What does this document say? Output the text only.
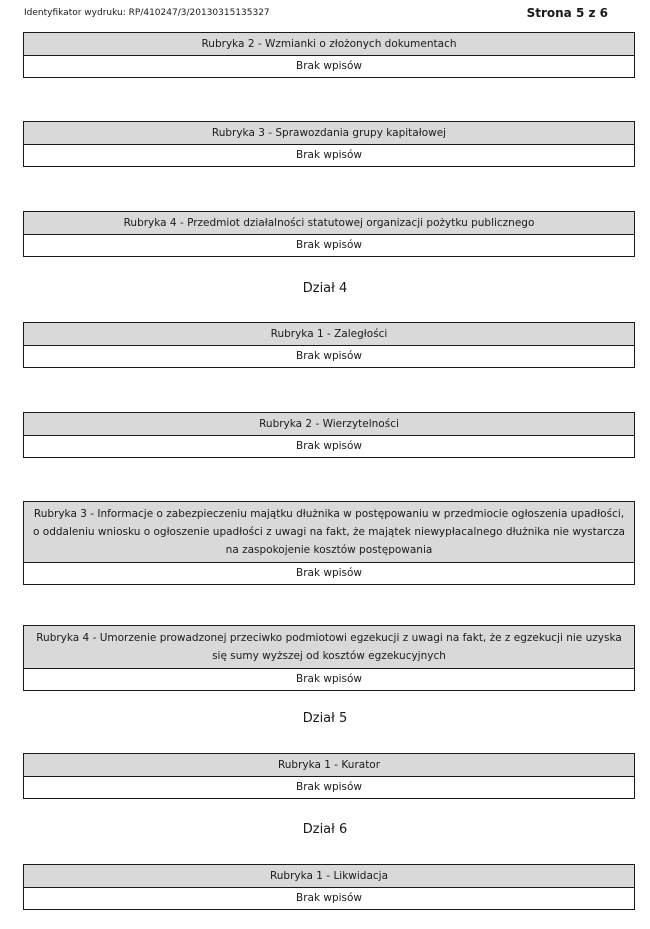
Identyfikator wydruku: RP/410247/3/20130315135327	Strona 5 z 6
Rubryka 2 - Wzmianki o złożonych dokumentach
Brak wpisów
Rubryka 3 - Sprawozdania grupy kapitałowej
Brak wpisów
Rubryka 4 - Przedmiot działalności statutowej organizacji pożytku publicznego
Brak wpisów
Dział 4
Rubryka 1 - Zaległości
Brak wpisów
Rubryka 2 - Wierzytelności
Brak wpisów
Rubryka 3 - Informacje o zabezpieczeniu majątku dłużnika w postępowaniu w przedmiocie ogłoszenia upadłości, o oddaleniu wniosku o ogłoszenie upadłości z uwagi na fakt, że majątek niewypłacalnego dłużnika nie wystarcza na zaspokojenie kosztów postępowania
Brak wpisów
Rubryka 4 - Umorzenie prowadzonej przeciwko podmiotowi egzekucji z uwagi na fakt, że z egzekucji nie uzyska się sumy wyższej od kosztów egzekucyjnych
Brak wpisów
Dział 5
Rubryka 1 - Kurator
Brak wpisów
Dział 6
Rubryka 1 - Likwidacja
Brak wpisów
